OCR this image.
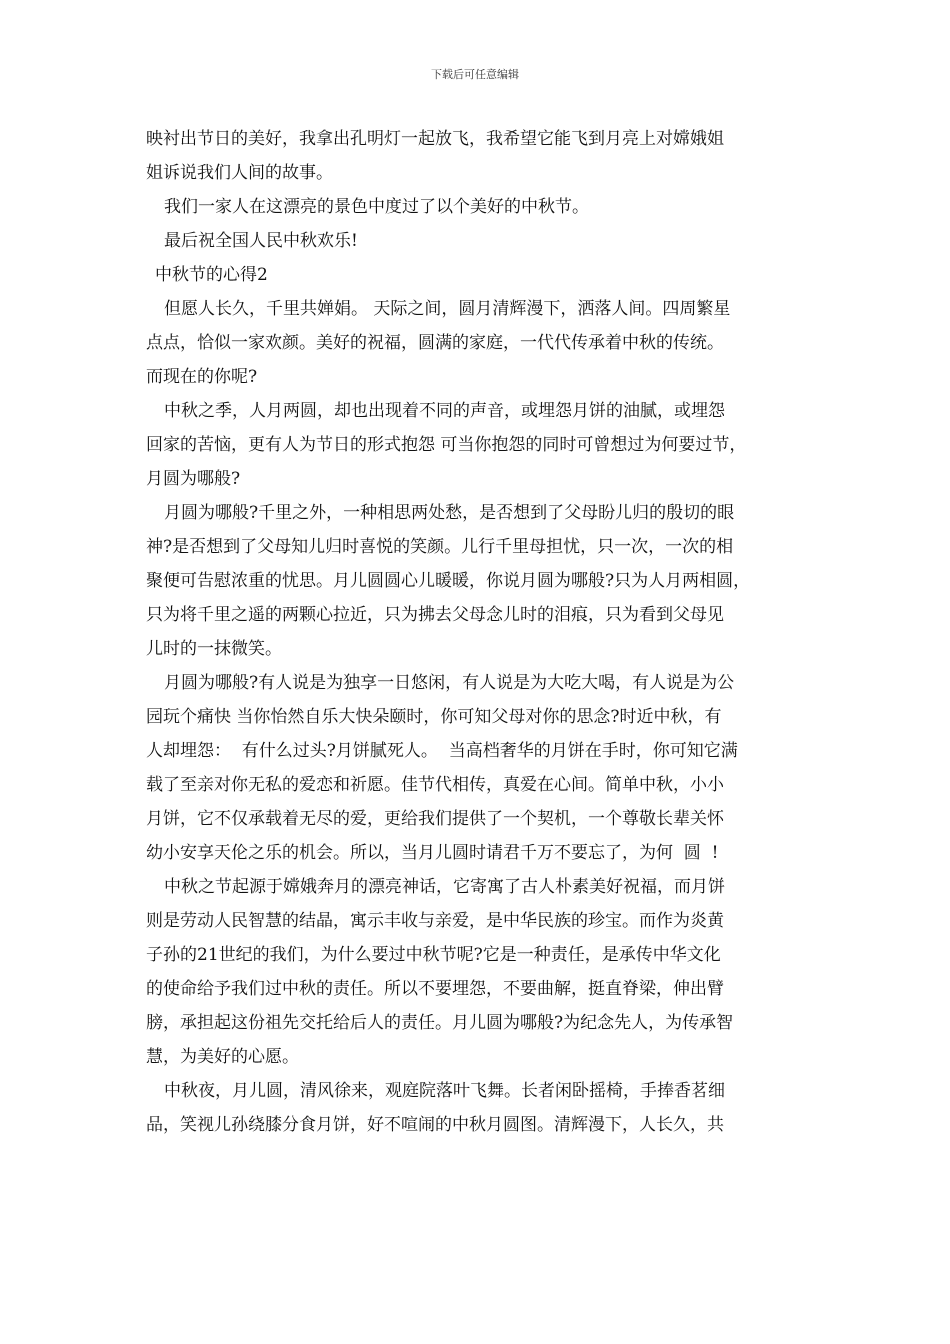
下载后可任意编辑
映衬出节日的美好，我拿出孔明灯一起放飞，我希望它能飞到月亮上对嫦娥姐
姐诉说我们人间的故事。
我们一家人在这漂亮的景色中度过了以个美好的中秋节。
最后祝全国人民中秋欢乐!
中秋节的心得2
但愿人长久，千里共婵娟。 天际之间，圆月清辉漫下，洒落人间。四周繁星
点点，恰似一家欢颜。美好的祝福，圆满的家庭，一代代传承着中秋的传统。
而现在的你呢?
中秋之季，人月两圆，却也出现着不同的声音，或埋怨月饼的油腻，或埋怨
回家的苦恼，更有人为节日的形式抱怨 可当你抱怨的同时可曾想过为何要过节，
月圆为哪般?
月圆为哪般?千里之外，一种相思两处愁，是否想到了父母盼儿归的殷切的眼
神?是否想到了父母知儿归时喜悦的笑颜。儿行千里母担忧，只一次，一次的相
聚便可告慰浓重的忧思。月儿圆圆心儿暖暖，你说月圆为哪般?只为人月两相圆，
只为将千里之遥的两颗心拉近，只为拂去父母念儿时的泪痕，只为看到父母见
儿时的一抹微笑。
月圆为哪般?有人说是为独享一日悠闲，有人说是为大吃大喝，有人说是为公
园玩个痛快 当你怡然自乐大快朵颐时，你可知父母对你的思念?时近中秋，有
人却埋怨：  有什么过头?月饼腻死人。  当高档奢华的月饼在手时，你可知它满
载了至亲对你无私的爱恋和祈愿。佳节代相传，真爱在心间。简单中秋，小小
月饼，它不仅承载着无尽的爱，更给我们提供了一个契机，一个尊敬长辈关怀
幼小安享天伦之乐的机会。所以，当月儿圆时请君千万不要忘了，为何  圆  !
中秋之节起源于嫦娥奔月的漂亮神话，它寄寓了古人朴素美好祝福，而月饼
则是劳动人民智慧的结晶，寓示丰收与亲爱，是中华民族的珍宝。而作为炎黄
子孙的21世纪的我们，为什么要过中秋节呢?它是一种责任，是承传中华文化
的使命给予我们过中秋的责任。所以不要埋怨，不要曲解，挺直脊梁，伸出臂
膀，承担起这份祖先交托给后人的责任。月儿圆为哪般?为纪念先人，为传承智
慧，为美好的心愿。
中秋夜，月儿圆，清风徐来，观庭院落叶飞舞。长者闲卧摇椅，手捧香茗细
品，笑视儿孙绕膝分食月饼，好不喧闹的中秋月圆图。清辉漫下，人长久，共
